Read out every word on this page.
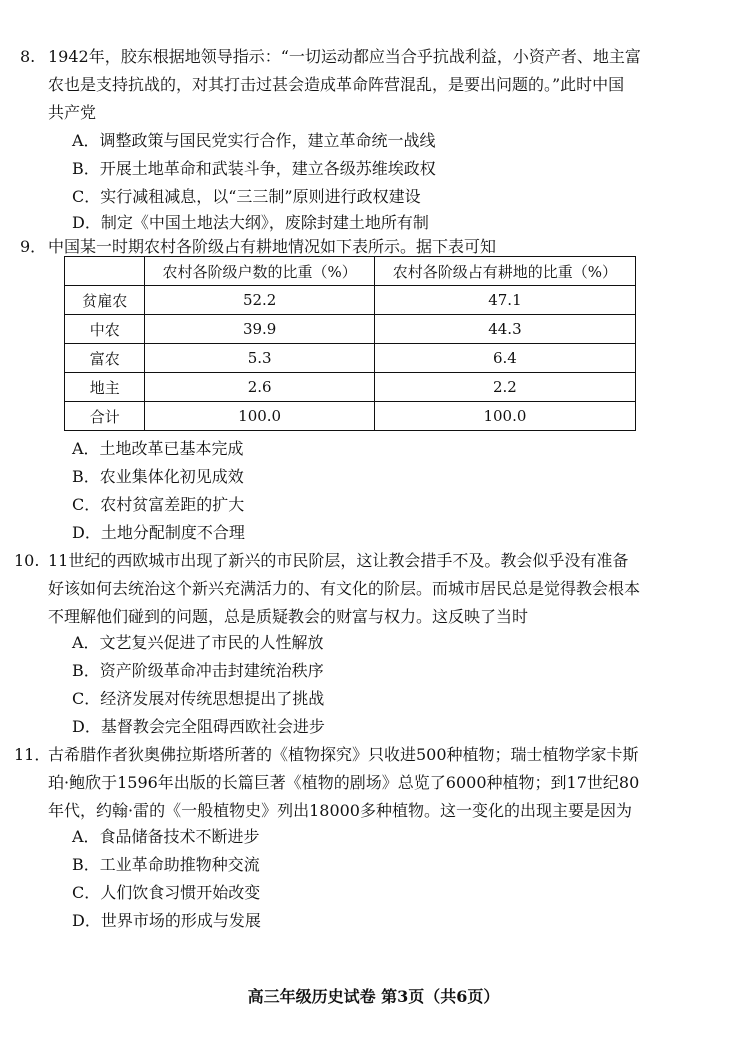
8. 1942年，胶东根据地领导指示：“一切运动都应当合乎抗战利益，小资产者、地主富
农也是支持抗战的，对其打击过甚会造成革命阵营混乱，是要出问题的。”此时中国
共产党
A．调整政策与国民党实行合作，建立革命统一战线
B．开展土地革命和武装斗争，建立各级苏维埃政权
C．实行减租减息，以“三三制”原则进行政权建设
D．制定《中国土地法大纲》，废除封建土地所有制
9． 中国某一时期农村各阶级占有耕地情况如下表所示。据下表可知
	农村各阶级户数的比重（%）	农村各阶级占有耕地的比重（%）
贫雇农	52.2	47.1
中农	39.9	44.3
富农	5.3	6.4
地主	2.6	2.2
合计	100.0	100.0
A．土地改革已基本完成
B．农业集体化初见成效
C．农村贫富差距的扩大
D．土地分配制度不合理
10. 11世纪的西欧城市出现了新兴的市民阶层，这让教会措手不及。教会似乎没有准备
好该如何去统治这个新兴充满活力的、有文化的阶层。而城市居民总是觉得教会根本
不理解他们碰到的问题，总是质疑教会的财富与权力。这反映了当时
A．文艺复兴促进了市民的人性解放
B．资产阶级革命冲击封建统治秩序
C．经济发展对传统思想提出了挑战
D．基督教会完全阻碍西欧社会进步
11．
古希腊作者狄奥佛拉斯塔所著的《植物探究》只收进500种植物；瑞士植物学家卡斯
珀·鲍欣于1596年出版的长篇巨著《植物的剧场》总览了6000种植物；到17世纪80
年代，约翰·雷的《一般植物史》列出18000多种植物。这一变化的出现主要是因为
A．食品储备技术不断进步
B．工业革命助推物种交流
C．人们饮食习惯开始改变
D．世界市场的形成与发展
高三年级历史试卷 第3页（共6页）
